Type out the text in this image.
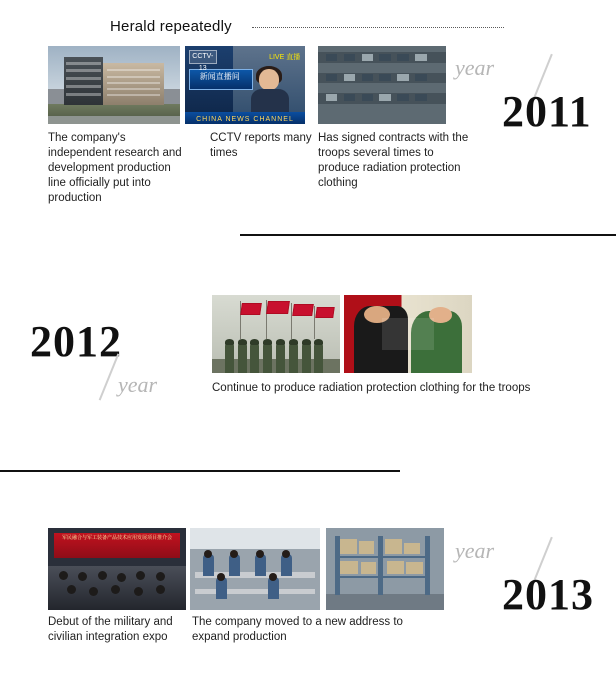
Herald repeatedly
新闻直播间
CCTV-13
LIVE 直播
CHINA NEWS CHANNEL
year
2011
The company's independent research and development production line officially put into production
CCTV reports many times
Has signed contracts with the troops several times to produce radiation protection clothing
2012
year	Continue to produce radiation protection clothing for the troops
军民融合与军工装备产品技术应用发展项目推介会	year
2013
Debut of the military and civilian integration expo
The company moved to a new address to expand production
